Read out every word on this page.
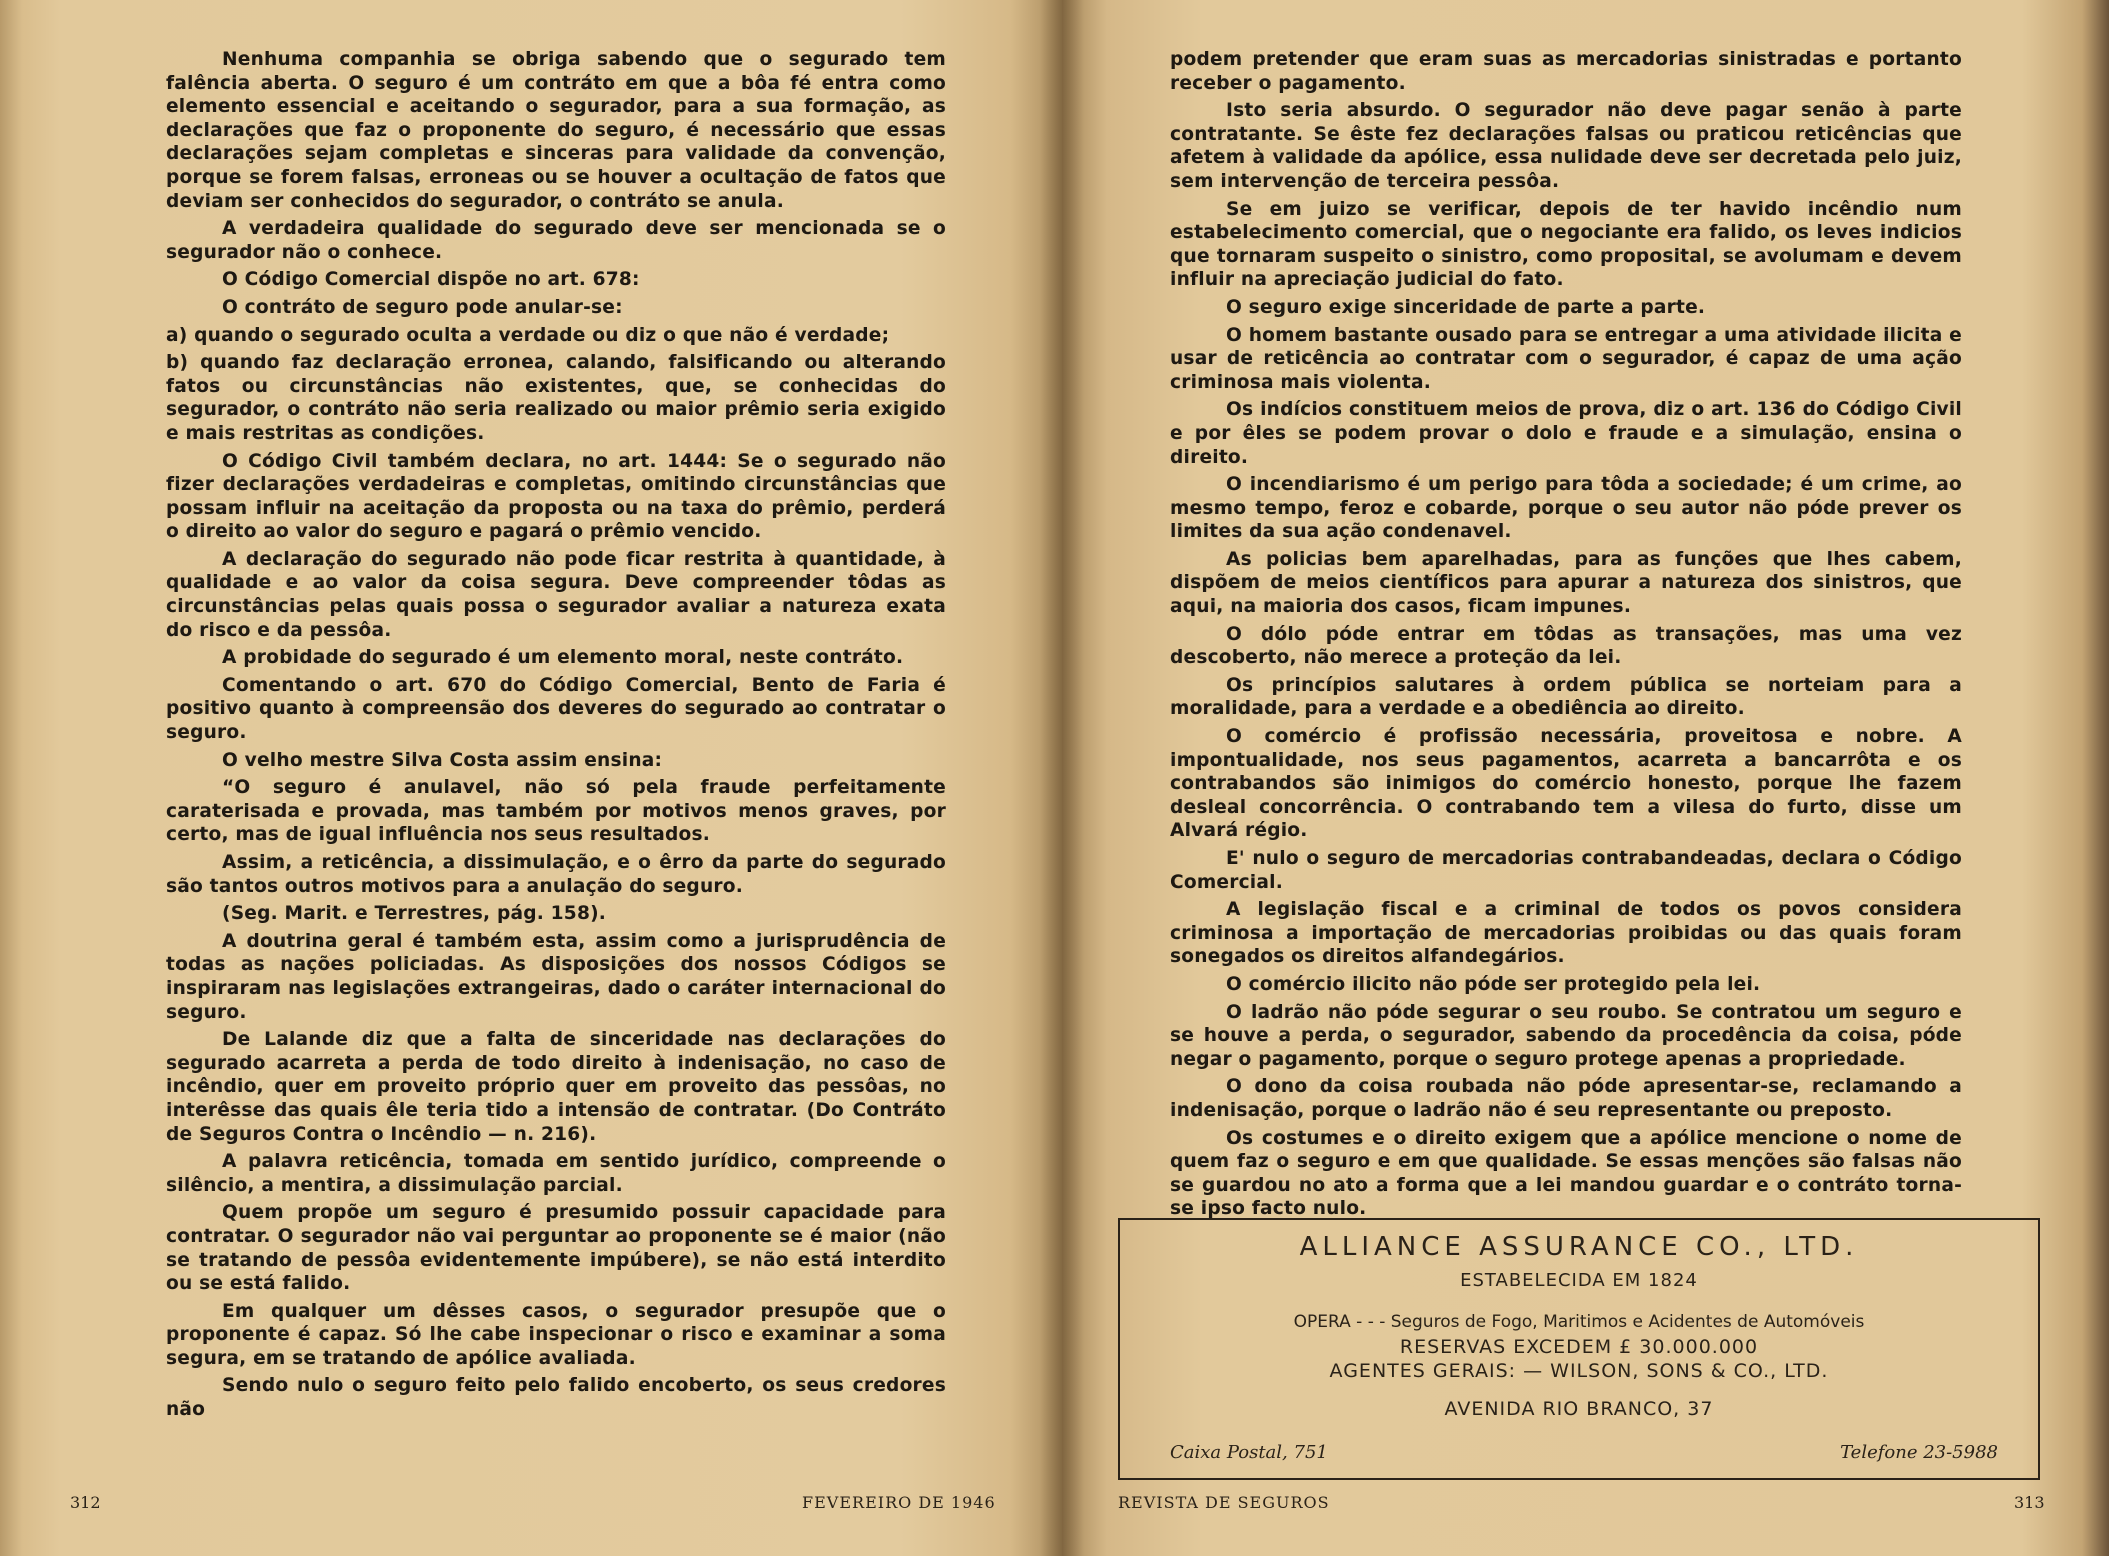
Nenhuma companhia se obriga sabendo que o segurado tem falência aberta. O seguro é um contráto em que a bôa fé entra como elemento essencial e aceitando o segurador, para a sua formação, as declarações que faz o proponente do seguro, é necessário que essas declarações sejam completas e sinceras para validade da convenção, porque se forem falsas, erroneas ou se houver a ocultação de fatos que deviam ser conhecidos do segurador, o contráto se anula.

A verdadeira qualidade do segurado deve ser mencionada se o segurador não o conhece.

O Código Comercial dispõe no art. 678:

O contráto de seguro pode anular-se:

a) quando o segurado oculta a verdade ou diz o que não é verdade;

b) quando faz declaração erronea, calando, falsificando ou alterando fatos ou circunstâncias não existentes, que, se conhecidas do segurador, o contráto não seria realizado ou maior prêmio seria exigido e mais restritas as condições.

O Código Civil também declara, no art. 1444: Se o segurado não fizer declarações verdadeiras e completas, omitindo circunstâncias que possam influir na aceitação da proposta ou na taxa do prêmio, perderá o direito ao valor do seguro e pagará o prêmio vencido.

A declaração do segurado não pode ficar restrita à quantidade, à qualidade e ao valor da coisa segura. Deve compreender tôdas as circunstâncias pelas quais possa o segurador avaliar a natureza exata do risco e da pessôa.

A probidade do segurado é um elemento moral, neste contráto.

Comentando o art. 670 do Código Comercial, Bento de Faria é positivo quanto à compreensão dos deveres do segurado ao contratar o seguro.

O velho mestre Silva Costa assim ensina:

“O seguro é anulavel, não só pela fraude perfeitamente caraterisada e provada, mas também por motivos menos graves, por certo, mas de igual influência nos seus resultados.

Assim, a reticência, a dissimulação, e o êrro da parte do segurado são tantos outros motivos para a anulação do seguro.

(Seg. Marit. e Terrestres, pág. 158).

A doutrina geral é também esta, assim como a jurisprudência de todas as nações policiadas. As disposições dos nossos Códigos se inspiraram nas legislações extrangeiras, dado o caráter internacional do seguro.

De Lalande diz que a falta de sinceridade nas declarações do segurado acarreta a perda de todo direito à indenisação, no caso de incêndio, quer em proveito próprio quer em proveito das pessôas, no interêsse das quais êle teria tido a intensão de contratar. (Do Contráto de Seguros Contra o Incêndio — n. 216).

A palavra reticência, tomada em sentido jurídico, compreende o silêncio, a mentira, a dissimulação parcial.

Quem propõe um seguro é presumido possuir capacidade para contratar. O segurador não vai perguntar ao proponente se é maior (não se tratando de pessôa evidentemente impúbere), se não está interdito ou se está falido.

Em qualquer um dêsses casos, o segurador presupõe que o proponente é capaz. Só lhe cabe inspecionar o risco e examinar a soma segura, em se tratando de apólice avaliada.

Sendo nulo o seguro feito pelo falido encoberto, os seus credores não

312	FEVEREIRO DE 1946

podem pretender que eram suas as mercadorias sinistradas e portanto receber o pagamento.

Isto seria absurdo. O segurador não deve pagar senão à parte contratante. Se êste fez declarações falsas ou praticou reticências que afetem à validade da apólice, essa nulidade deve ser decretada pelo juiz, sem intervenção de terceira pessôa.

Se em juizo se verificar, depois de ter havido incêndio num estabelecimento comercial, que o negociante era falido, os leves indicios que tornaram suspeito o sinistro, como proposital, se avolumam e devem influir na apreciação judicial do fato.

O seguro exige sinceridade de parte a parte.

O homem bastante ousado para se entregar a uma atividade ilicita e usar de reticência ao contratar com o segurador, é capaz de uma ação criminosa mais violenta.

Os indícios constituem meios de prova, diz o art. 136 do Código Civil e por êles se podem provar o dolo e fraude e a simulação, ensina o direito.

O incendiarismo é um perigo para tôda a sociedade; é um crime, ao mesmo tempo, feroz e cobarde, porque o seu autor não póde prever os limites da sua ação condenavel.

As policias bem aparelhadas, para as funções que lhes cabem, dispõem de meios científicos para apurar a natureza dos sinistros, que aqui, na maioria dos casos, ficam impunes.

O dólo póde entrar em tôdas as transações, mas uma vez descoberto, não merece a proteção da lei.

Os princípios salutares à ordem pública se norteiam para a moralidade, para a verdade e a obediência ao direito.

O comércio é profissão necessária, proveitosa e nobre. A impontualidade, nos seus pagamentos, acarreta a bancarrôta e os contrabandos são inimigos do comércio honesto, porque lhe fazem desleal concorrência. O contrabando tem a vilesa do furto, disse um Alvará régio.

E' nulo o seguro de mercadorias contrabandeadas, declara o Código Comercial.

A legislação fiscal e a criminal de todos os povos considera criminosa a importação de mercadorias proibidas ou das quais foram sonegados os direitos alfandegários.

O comércio ilicito não póde ser protegido pela lei.

O ladrão não póde segurar o seu roubo. Se contratou um seguro e se houve a perda, o segurador, sabendo da procedência da coisa, póde negar o pagamento, porque o seguro protege apenas a propriedade.

O dono da coisa roubada não póde apresentar-se, reclamando a indenisação, porque o ladrão não é seu representante ou preposto.

Os costumes e o direito exigem que a apólice mencione o nome de quem faz o seguro e em que qualidade. Se essas menções são falsas não se guardou no ato a forma que a lei mandou guardar e o contráto torna-se ipso facto nulo.

REVISTA DE SEGUROS	313
ALLIANCE ASSURANCE CO., LTD.
ESTABELECIDA EM 1824
OPERA - - - Seguros de Fogo, Maritimos e Acidentes de Automóveis
RESERVAS EXCEDEM £ 30.000.000
AGENTES GERAIS: — WILSON, SONS & CO., LTD.
AVENIDA RIO BRANCO, 37
Caixa Postal, 751	Telefone 23-5988
